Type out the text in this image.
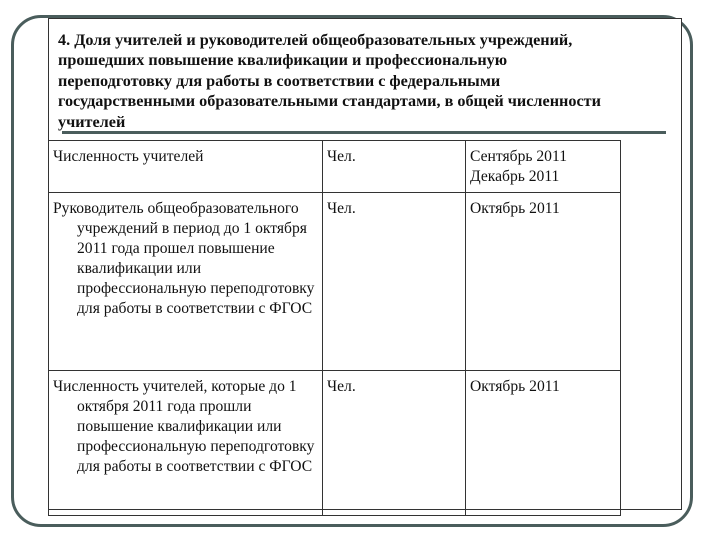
4. Доля учителей и руководителей общеобразовательных учреждений,
прошедших повышение квалификации и профессиональную
переподготовку для работы в соответствии с федеральными
государственными образовательными стандартами, в общей численности
учителей
Численность учителей	Чел.	Сентябрь 2011
Декабрь 2011

Руководитель общеобразовательного учреждений в период до 1 октября 2011 года прошел повышение квалификации или профессиональную переподготовку для работы в соответствии с ФГОС	Чел.	Октябрь 2011

Численность учителей, которые до 1 октября 2011 года прошли повышение квалификации или профессиональную переподготовку для работы в соответствии с ФГОС	Чел.	Октябрь 2011
